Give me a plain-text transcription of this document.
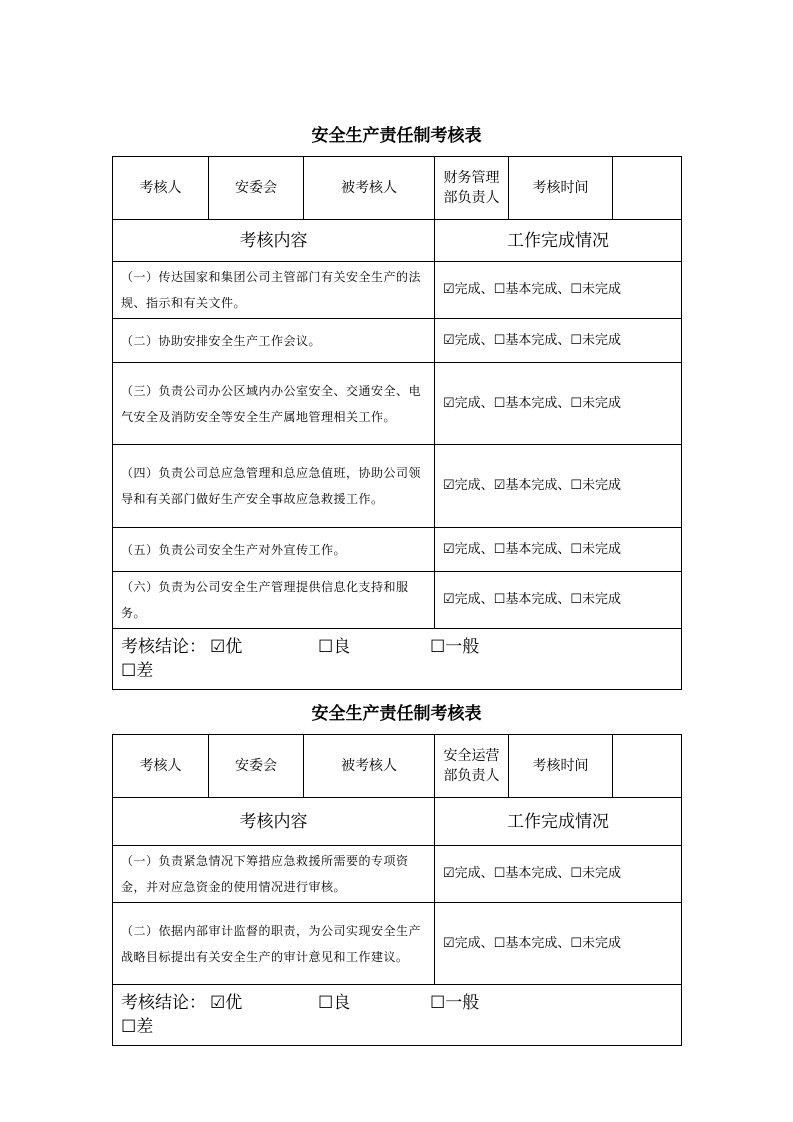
安全生产责任制考核表
考核人	安委会	被考核人	财务管理部负责人	考核时间	
考核内容			工作完成情况		
（一）传达国家和集团公司主管部门有关安全生产的法规、指示和有关文件。			☑完成、☐基本完成、☐未完成		
（二）协助安排安全生产工作会议。			☑完成、☐基本完成、☐未完成		
（三）负责公司办公区域内办公室安全、交通安全、电气安全及消防安全等安全生产属地管理相关工作。			☑完成、☐基本完成、☐未完成		
（四）负责公司总应急管理和总应急值班，协助公司领导和有关部门做好生产安全事故应急救援工作。			☑完成、☑基本完成、☐未完成		
（五）负责公司安全生产对外宣传工作。			☑完成、☐基本完成、☐未完成		
（六）负责为公司安全生产管理提供信息化支持和服务。			☑完成、☐基本完成、☐未完成		

考核结论： ☑优 ☐良 ☐一般
☐差					
安全生产责任制考核表
考核人	安委会	被考核人	安全运营部负责人	考核时间	
考核内容			工作完成情况		
（一）负责紧急情况下筹措应急救援所需要的专项资金，并对应急资金的使用情况进行审核。			☑完成、☐基本完成、☐未完成		
（二）依据内部审计监督的职责，为公司实现安全生产战略目标提出有关安全生产的审计意见和工作建议。			☑完成、☐基本完成、☐未完成		

考核结论： ☑优 ☐良 ☐一般
☐差					
